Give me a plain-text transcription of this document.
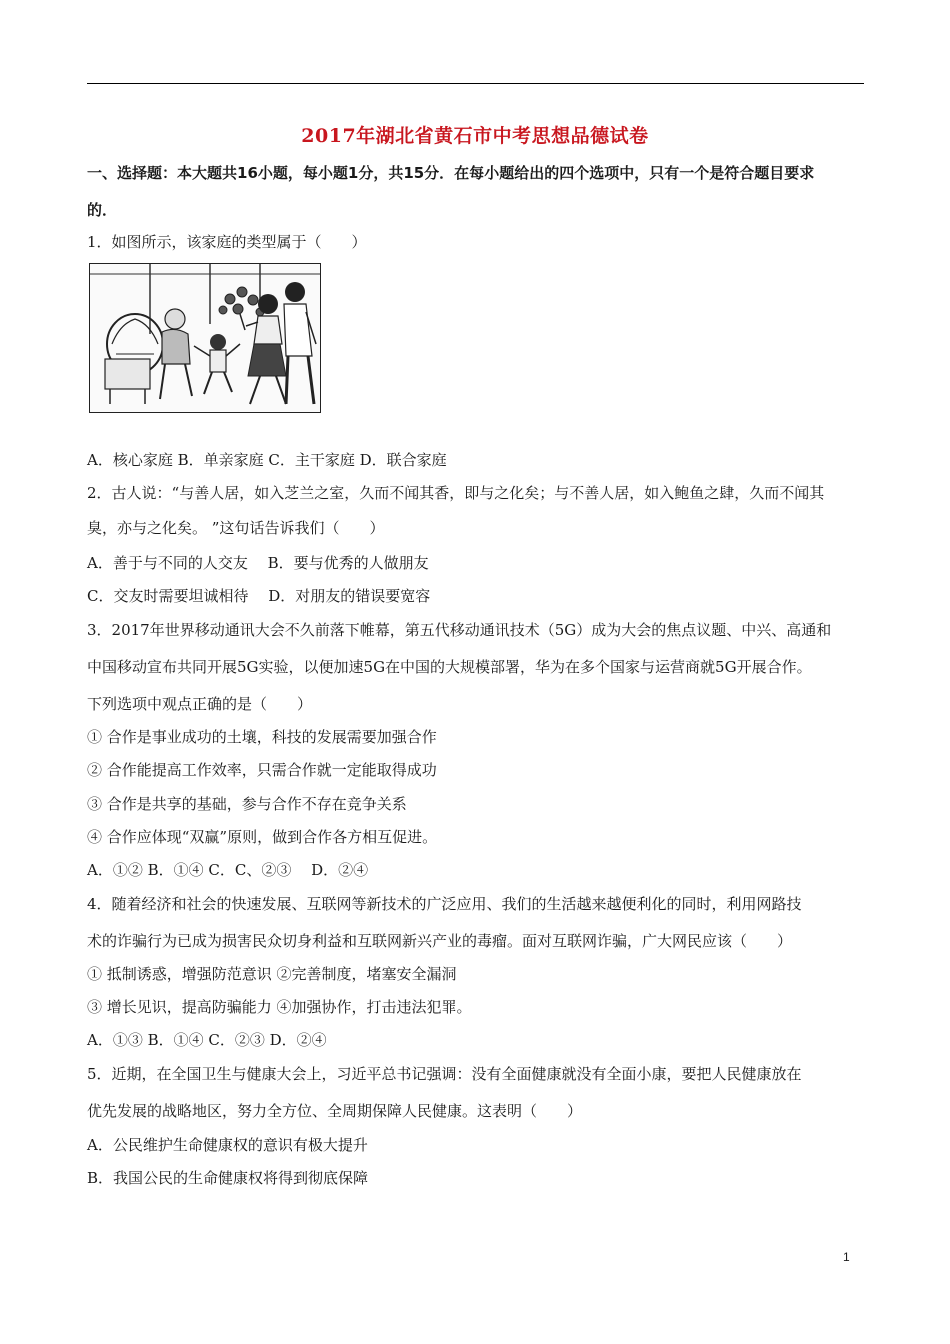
2017年湖北省黄石市中考思想品德试卷
一、选择题：本大题共16小题，每小题1分，共15分．在每小题给出的四个选项中，只有一个是符合题目要求
的．
1．如图所示，该家庭的类型属于（　　）
A．核心家庭 B．单亲家庭 C．主干家庭 D．联合家庭
2．古人说：“与善人居，如入芝兰之室，久而不闻其香，即与之化矣；与不善人居，如入鲍鱼之肆，久而不闻其
臭，亦与之化矣。 ”这句话告诉我们（　　）
A．善于与不同的人交友　 B．要与优秀的人做朋友
C．交友时需要坦诚相待　 D．对朋友的错误要宽容
3．2017年世界移动通讯大会不久前落下帷幕，第五代移动通讯技术（5G）成为大会的焦点议题、中兴、高通和
中国移动宣布共同开展5G实验，以便加速5G在中国的大规模部署，华为在多个国家与运营商就5G开展合作。
下列选项中观点正确的是（　　）
① 合作是事业成功的土壤，科技的发展需要加强合作
② 合作能提高工作效率，只需合作就一定能取得成功
③ 合作是共享的基础，参与合作不存在竞争关系
④ 合作应体现“双赢”原则，做到合作各方相互促进。
A．①② B．①④ C．C、②③　 D．②④
4．随着经济和社会的快速发展、互联网等新技术的广泛应用、我们的生活越来越便利化的同时，利用网路技
术的诈骗行为已成为损害民众切身利益和互联网新兴产业的毒瘤。面对互联网诈骗，广大网民应该（　　）
① 抵制诱惑，增强防范意识 ②完善制度，堵塞安全漏洞
③ 增长见识，提高防骗能力 ④加强协作，打击违法犯罪。
A．①③ B．①④ C．②③ D．②④
5．近期，在全国卫生与健康大会上，习近平总书记强调：没有全面健康就没有全面小康，要把人民健康放在
优先发展的战略地区，努力全方位、全周期保障人民健康。这表明（　　）
A．公民维护生命健康权的意识有极大提升
B．我国公民的生命健康权将得到彻底保障
1
